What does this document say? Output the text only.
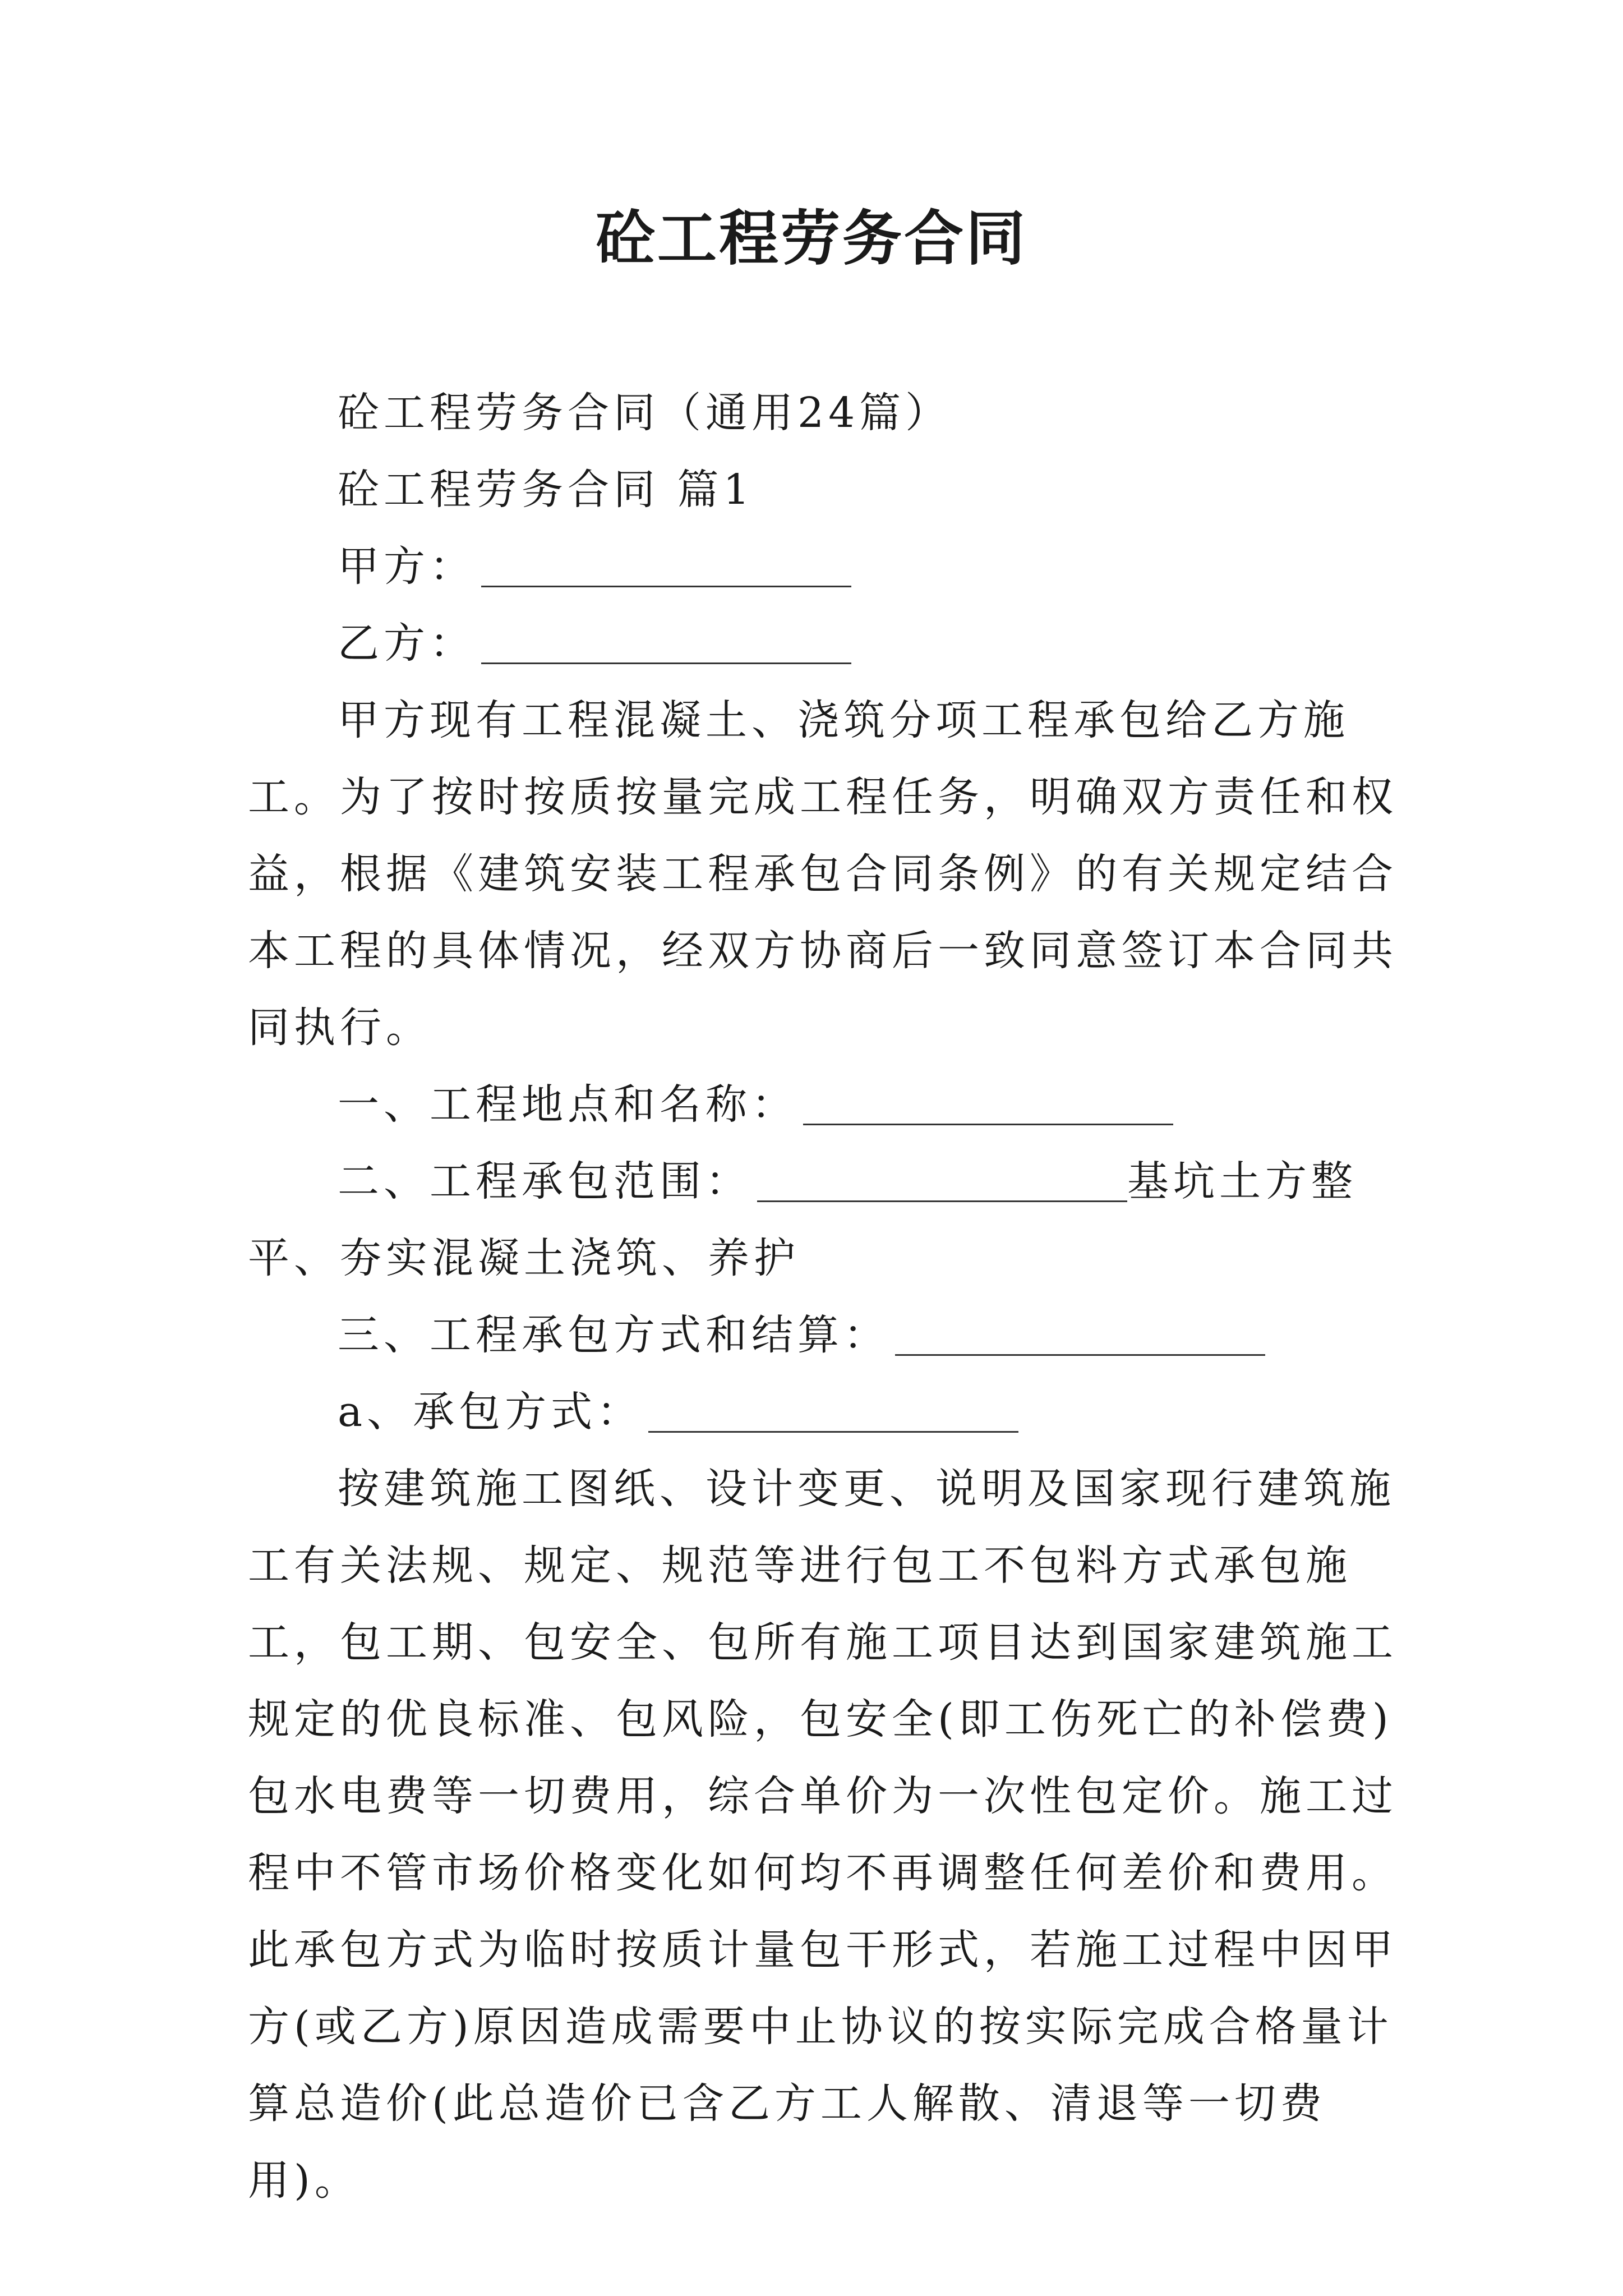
砼工程劳务合同

砼工程劳务合同（通用24篇）

砼工程劳务合同 篇1

甲方：

乙方：

甲方现有工程混凝土、浇筑分项工程承包给乙方施工。为了按时按质按量完成工程任务，明确双方责任和权益，根据《建筑安装工程承包合同条例》的有关规定结合本工程的具体情况，经双方协商后一致同意签订本合同共同执行。

一、工程地点和名称：

二、工程承包范围：	基坑土方整平、夯实混凝土浇筑、养护

三、工程承包方式和结算：

a、承包方式：

按建筑施工图纸、设计变更、说明及国家现行建筑施工有关法规、规定、规范等进行包工不包料方式承包施工，包工期、包安全、包所有施工项目达到国家建筑施工规定的优良标准、包风险，包安全(即工伤死亡的补偿费)包水电费等一切费用，综合单价为一次性包定价。施工过程中不管市场价格变化如何均不再调整任何差价和费用。此承包方式为临时按质计量包干形式，若施工过程中因甲方(或乙方)原因造成需要中止协议的按实际完成合格量计算总造价(此总造价已含乙方工人解散、清退等一切费用)。
